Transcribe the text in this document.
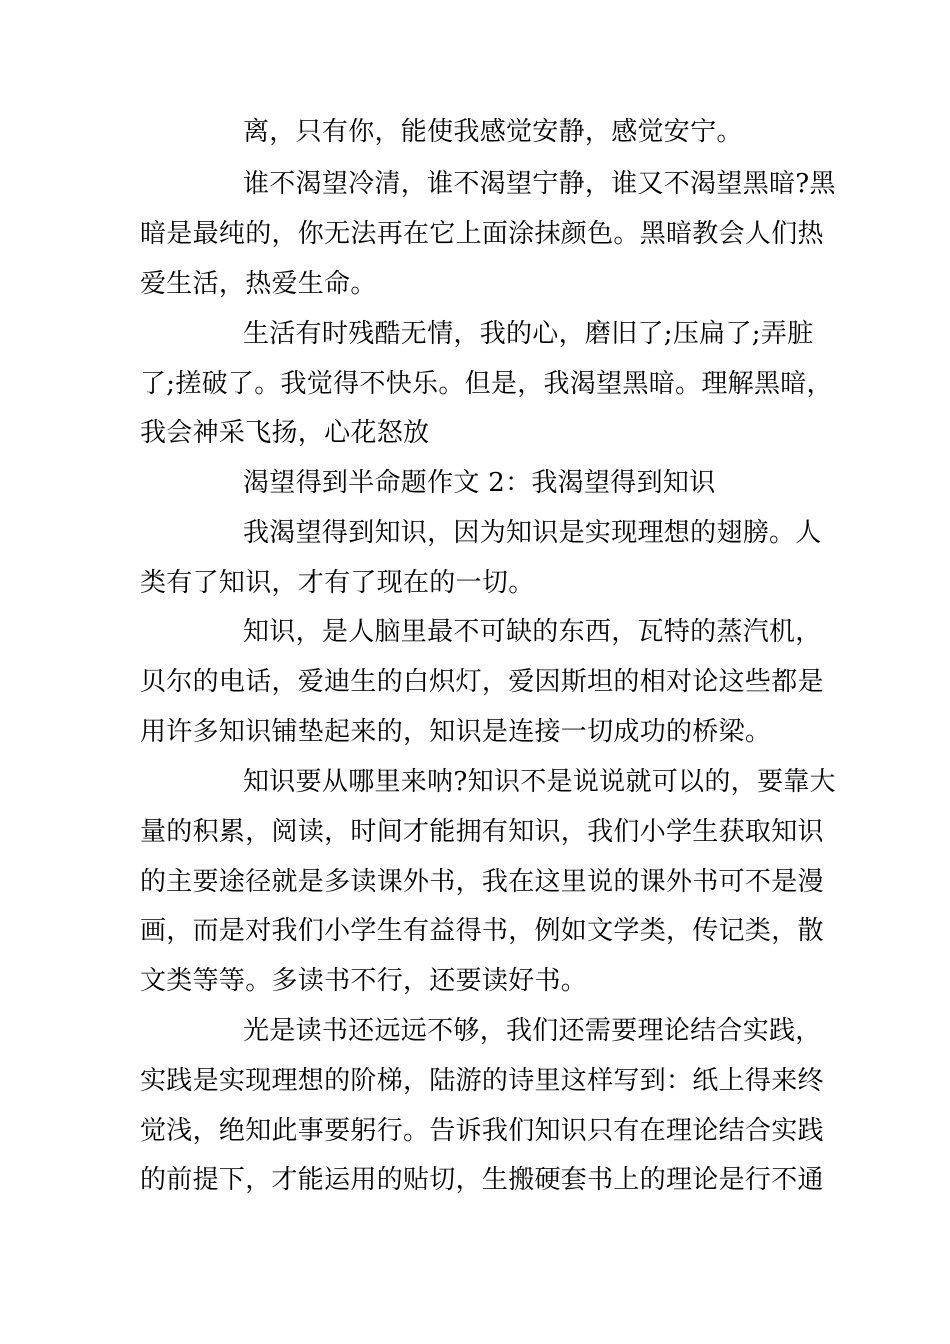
离，只有你，能使我感觉安静，感觉安宁。
谁不渴望冷清，谁不渴望宁静，谁又不渴望黑暗?黑
暗是最纯的，你无法再在它上面涂抹颜色。黑暗教会人们热
爱生活，热爱生命。
生活有时残酷无情，我的心，磨旧了;压扁了;弄脏
了;搓破了。我觉得不快乐。但是，我渴望黑暗。理解黑暗，
我会神采飞扬，心花怒放
渴望得到半命题作文 2：我渴望得到知识
我渴望得到知识，因为知识是实现理想的翅膀。人
类有了知识，才有了现在的一切。
知识，是人脑里最不可缺的东西，瓦特的蒸汽机，
贝尔的电话，爱迪生的白炽灯，爱因斯坦的相对论这些都是
用许多知识铺垫起来的，知识是连接一切成功的桥梁。
知识要从哪里来呐?知识不是说说就可以的，要靠大
量的积累，阅读，时间才能拥有知识，我们小学生获取知识
的主要途径就是多读课外书，我在这里说的课外书可不是漫
画，而是对我们小学生有益得书，例如文学类，传记类，散
文类等等。多读书不行，还要读好书。
光是读书还远远不够，我们还需要理论结合实践，
实践是实现理想的阶梯，陆游的诗里这样写到：纸上得来终
觉浅，绝知此事要躬行。告诉我们知识只有在理论结合实践
的前提下，才能运用的贴切，生搬硬套书上的理论是行不通
